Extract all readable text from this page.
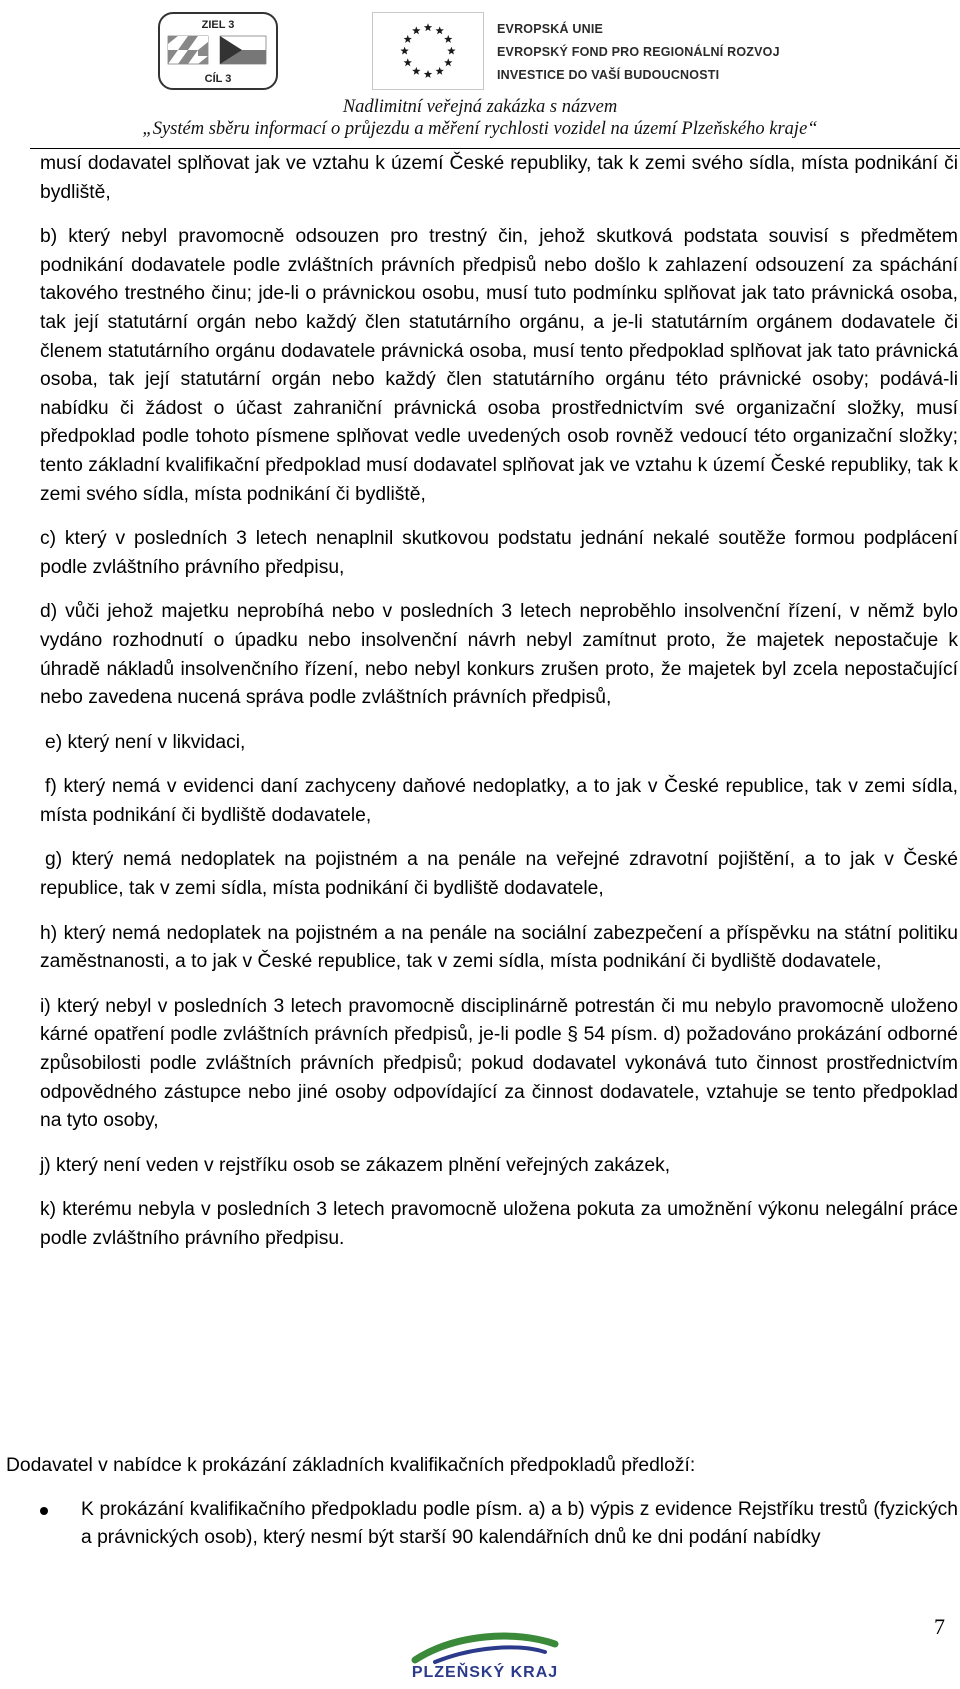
ZIEL 3
CÍL 3
EVROPSKÁ UNIE
EVROPSKÝ FOND PRO REGIONÁLNÍ ROZVOJ
INVESTICE DO VAŠÍ BUDOUCNOSTI
Nadlimitní veřejná zakázka s názvem
„Systém sběru informací o průjezdu a měření rychlosti vozidel na území Plzeňského kraje“

musí dodavatel splňovat jak ve vztahu k území České republiky, tak k zemi svého sídla, místa podnikání či bydliště,

b) který nebyl pravomocně odsouzen pro trestný čin, jehož skutková podstata souvisí s předmětem podnikání dodavatele podle zvláštních právních předpisů nebo došlo k zahlazení odsouzení za spáchání takového trestného činu; jde-li o právnickou osobu, musí tuto podmínku splňovat jak tato právnická osoba, tak její statutární orgán nebo každý člen statutárního orgánu, a je-li statutárním orgánem dodavatele či členem statutárního orgánu dodavatele právnická osoba, musí tento předpoklad splňovat jak tato právnická osoba, tak její statutární orgán nebo každý člen statutárního orgánu této právnické osoby; podává-li nabídku či žádost o účast zahraniční právnická osoba prostřednictvím své organizační složky, musí předpoklad podle tohoto písmene splňovat vedle uvedených osob rovněž vedoucí této organizační složky; tento základní kvalifikační předpoklad musí dodavatel splňovat jak ve vztahu k území České republiky, tak k zemi svého sídla, místa podnikání či bydliště,

c) který v posledních 3 letech nenaplnil skutkovou podstatu jednání nekalé soutěže formou podplácení podle zvláštního právního předpisu,

d) vůči jehož majetku neprobíhá nebo v posledních 3 letech neproběhlo insolvenční řízení, v němž bylo vydáno rozhodnutí o úpadku nebo insolvenční návrh nebyl zamítnut proto, že majetek nepostačuje k úhradě nákladů insolvenčního řízení, nebo nebyl konkurs zrušen proto, že majetek byl zcela nepostačující nebo zavedena nucená správa podle zvláštních právních předpisů,

e) který není v likvidaci,

f) který nemá v evidenci daní zachyceny daňové nedoplatky, a to jak v České republice, tak v zemi sídla, místa podnikání či bydliště dodavatele,

g) který nemá nedoplatek na pojistném a na penále na veřejné zdravotní pojištění, a to jak v České republice, tak v zemi sídla, místa podnikání či bydliště dodavatele,

h) který nemá nedoplatek na pojistném a na penále na sociální zabezpečení a příspěvku na státní politiku zaměstnanosti, a to jak v České republice, tak v zemi sídla, místa podnikání či bydliště dodavatele,

i) který nebyl v posledních 3 letech pravomocně disciplinárně potrestán či mu nebylo pravomocně uloženo kárné opatření podle zvláštních právních předpisů, je-li podle § 54 písm. d) požadováno prokázání odborné způsobilosti podle zvláštních právních předpisů; pokud dodavatel vykonává tuto činnost prostřednictvím odpovědného zástupce nebo jiné osoby odpovídající za činnost dodavatele, vztahuje se tento předpoklad na tyto osoby,

j) který není veden v rejstříku osob se zákazem plnění veřejných zakázek,

k) kterému nebyla v posledních 3 letech pravomocně uložena pokuta za umožnění výkonu nelegální práce podle zvláštního právního předpisu.

Dodavatel v nabídce k prokázání základních kvalifikačních předpokladů předloží:
K prokázání kvalifikačního předpokladu podle písm. a) a b) výpis z evidence Rejstříku trestů (fyzických a právnických osob), který nesmí být starší 90 kalendářních dnů ke dni podání nabídky
7
PLZEŇSKÝ KRAJ
